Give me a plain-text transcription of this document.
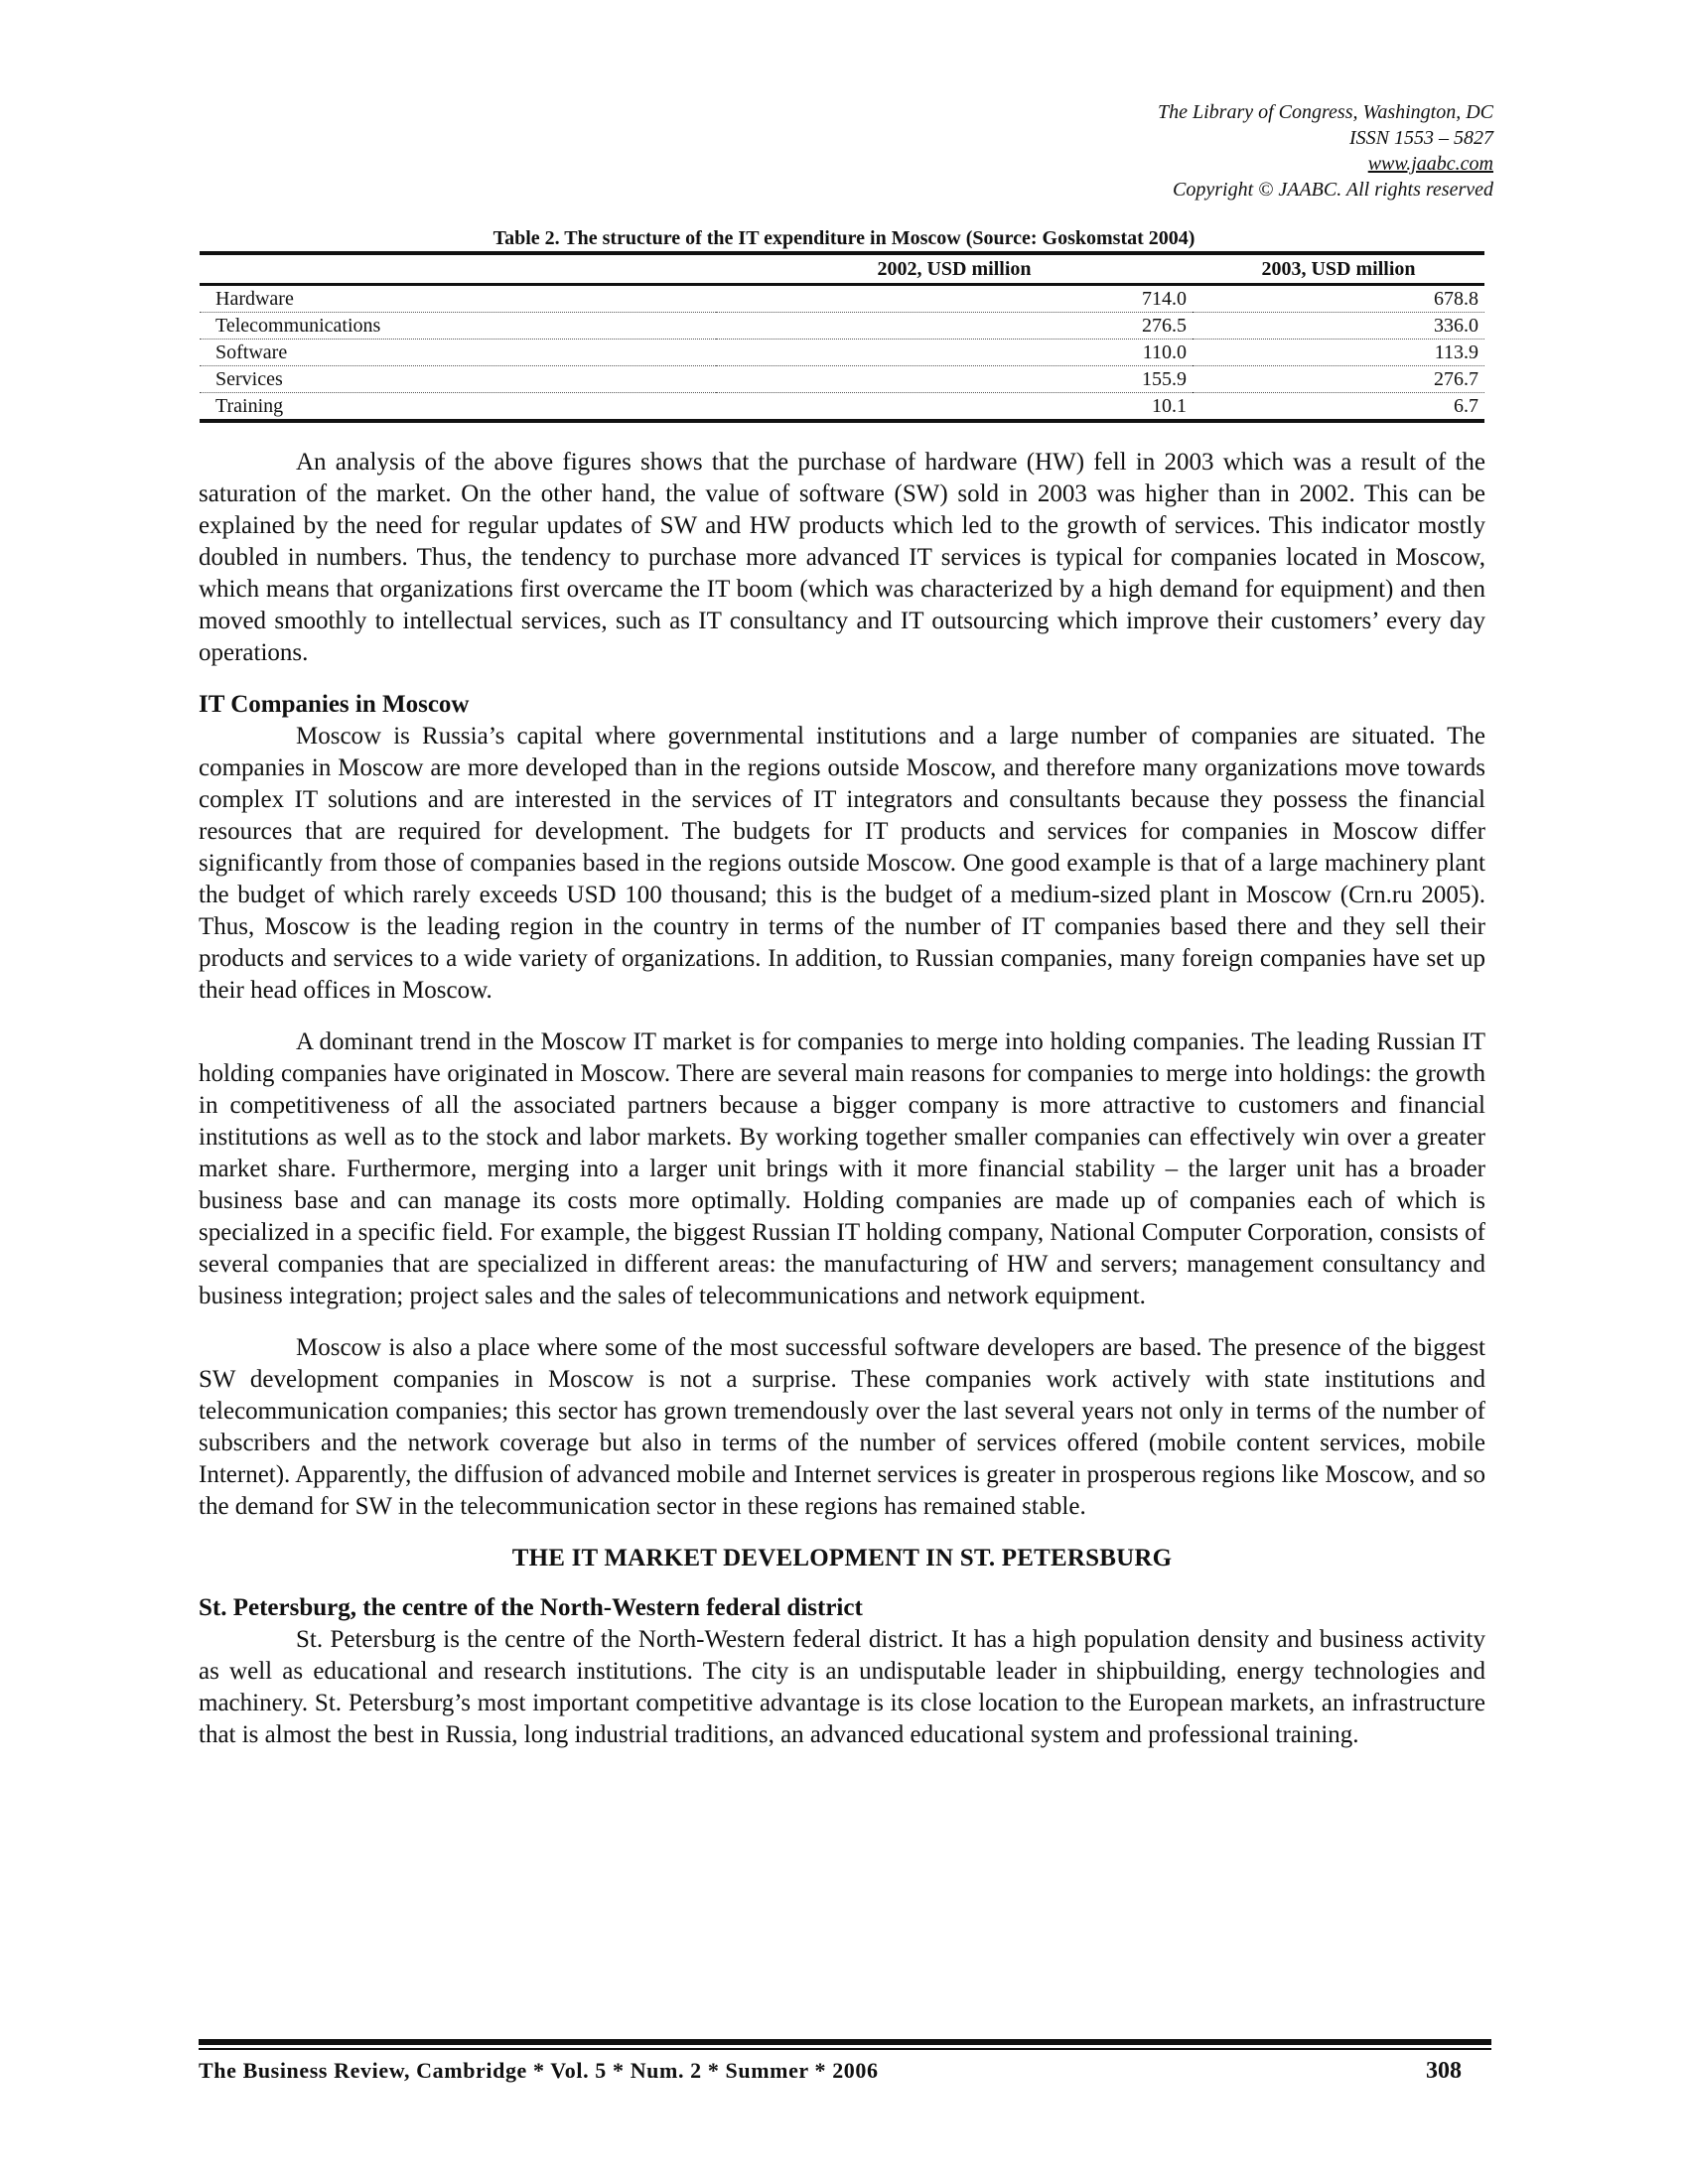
The Library of Congress, Washington, DC
ISSN 1553 – 5827
www.jaabc.com
Copyright © JAABC. All rights reserved
Table 2. The structure of the IT expenditure in Moscow (Source: Goskomstat 2004)
	2002, USD million	2003, USD million
Hardware	714.0	678.8
Telecommunications	276.5	336.0
Software	110.0	113.9
Services	155.9	276.7
Training	10.1	6.7

An analysis of the above figures shows that the purchase of hardware (HW) fell in 2003 which was a result of the saturation of the market. On the other hand, the value of software (SW) sold in 2003 was higher than in 2002. This can be explained by the need for regular updates of SW and HW products which led to the growth of services. This indicator mostly doubled in numbers. Thus, the tendency to purchase more advanced IT services is typical for companies located in Moscow, which means that organizations first overcame the IT boom (which was characterized by a high demand for equipment) and then moved smoothly to intellectual services, such as IT consultancy and IT outsourcing which improve their customers’ every day operations.

IT Companies in Moscow

Moscow is Russia’s capital where governmental institutions and a large number of companies are situated. The companies in Moscow are more developed than in the regions outside Moscow, and therefore many organizations move towards complex IT solutions and are interested in the services of IT integrators and consultants because they possess the financial resources that are required for development. The budgets for IT products and services for companies in Moscow differ significantly from those of companies based in the regions outside Moscow. One good example is that of a large machinery plant the budget of which rarely exceeds USD 100 thousand; this is the budget of a medium-sized plant in Moscow (Crn.ru 2005). Thus, Moscow is the leading region in the country in terms of the number of IT companies based there and they sell their products and services to a wide variety of organizations. In addition, to Russian companies, many foreign companies have set up their head offices in Moscow.

A dominant trend in the Moscow IT market is for companies to merge into holding companies. The leading Russian IT holding companies have originated in Moscow. There are several main reasons for companies to merge into holdings: the growth in competitiveness of all the associated partners because a bigger company is more attractive to customers and financial institutions as well as to the stock and labor markets. By working together smaller companies can effectively win over a greater market share. Furthermore, merging into a larger unit brings with it more financial stability – the larger unit has a broader business base and can manage its costs more optimally. Holding companies are made up of companies each of which is specialized in a specific field. For example, the biggest Russian IT holding company, National Computer Corporation, consists of several companies that are specialized in different areas: the manufacturing of HW and servers; management consultancy and business integration; project sales and the sales of telecommunications and network equipment.

Moscow is also a place where some of the most successful software developers are based. The presence of the biggest SW development companies in Moscow is not a surprise. These companies work actively with state institutions and telecommunication companies; this sector has grown tremendously over the last several years not only in terms of the number of subscribers and the network coverage but also in terms of the number of services offered (mobile content services, mobile Internet). Apparently, the diffusion of advanced mobile and Internet services is greater in prosperous regions like Moscow, and so the demand for SW in the telecommunication sector in these regions has remained stable.

THE IT MARKET DEVELOPMENT IN ST. PETERSBURG
St. Petersburg, the centre of the North-Western federal district

St. Petersburg is the centre of the North-Western federal district. It has a high population density and business activity as well as educational and research institutions. The city is an undisputable leader in shipbuilding, energy technologies and machinery. St. Petersburg’s most important competitive advantage is its close location to the European markets, an infrastructure that is almost the best in Russia, long industrial traditions, an advanced educational system and professional training.

The Business Review, Cambridge * Vol. 5 * Num. 2 * Summer * 2006	308
